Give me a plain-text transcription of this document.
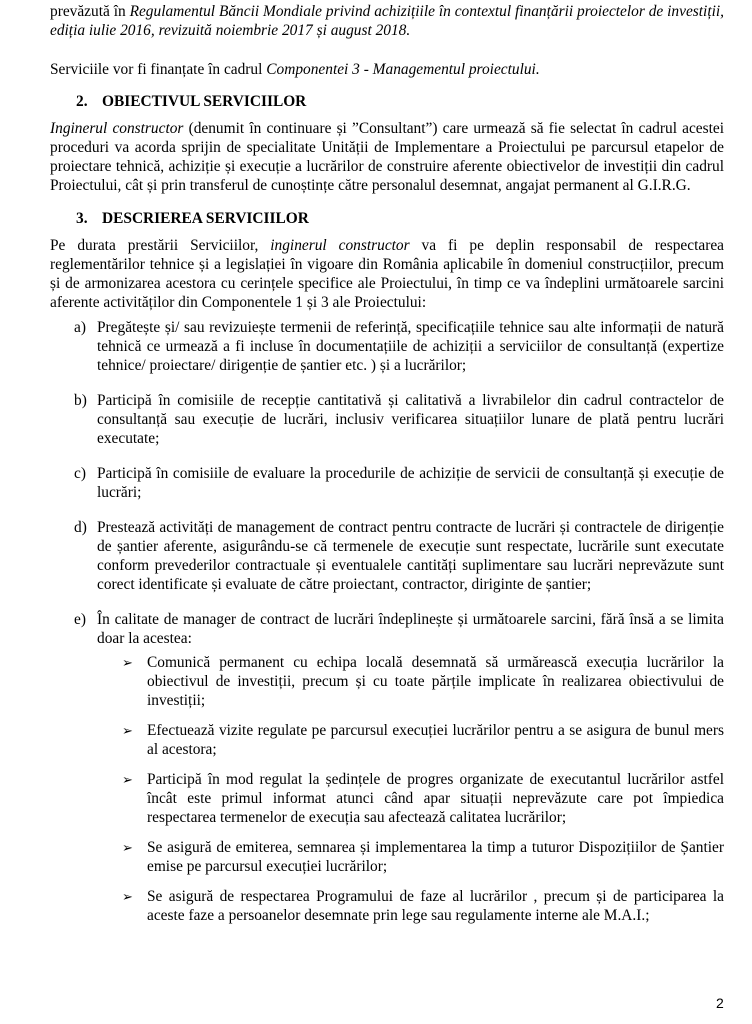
prevăzută în Regulamentul Băncii Mondiale privind achizițiile în contextul finanțării proiectelor de investiții, ediția iulie 2016, revizuită noiembrie 2017 și august 2018.

Serviciile vor fi finanțate în cadrul Componentei 3 - Managementul proiectului.

2. OBIECTIVUL SERVICIILOR

Inginerul constructor (denumit în continuare și ”Consultant”) care urmează să fie selectat în cadrul acestei proceduri va acorda sprijin de specialitate Unității de Implementare a Proiectului pe parcursul etapelor de proiectare tehnică, achiziție și execuție a lucrărilor de construire aferente obiectivelor de investiții din cadrul Proiectului, cât și prin transferul de cunoștințe către personalul desemnat, angajat permanent al G.I.R.G.

3. DESCRIEREA SERVICIILOR

Pe durata prestării Serviciilor, inginerul constructor va fi pe deplin responsabil de respectarea reglementărilor tehnice și a legislației în vigoare din România aplicabile în domeniul construcțiilor, precum și de armonizarea acestora cu cerințele specifice ale Proiectului, în timp ce va îndeplini următoarele sarcini aferente activităților din Componentele 1 și 3 ale Proiectului:

a) Pregătește și/ sau revizuiește termenii de referință, specificațiile tehnice sau alte informații de natură tehnică ce urmează a fi incluse în documentațiile de achiziții a serviciilor de consultanță (expertize tehnice/ proiectare/ dirigenție de șantier etc. ) și a lucrărilor;
b) Participă în comisiile de recepție cantitativă și calitativă a livrabilelor din cadrul contractelor de consultanță sau execuție de lucrări, inclusiv verificarea situațiilor lunare de plată pentru lucrări executate;
c) Participă în comisiile de evaluare la procedurile de achiziție de servicii de consultanță și execuție de lucrări;
d) Prestează activități de management de contract pentru contracte de lucrări și contractele de dirigenție de șantier aferente, asigurându-se că termenele de execuție sunt respectate, lucrările sunt executate conform prevederilor contractuale și eventualele cantități suplimentare sau lucrări neprevăzute sunt corect identificate și evaluate de către proiectant, contractor, diriginte de șantier;
e) În calitate de manager de contract de lucrări îndeplinește și următoarele sarcini, fără însă a se limita doar la acestea:
➢ Comunică permanent cu echipa locală desemnată să urmărească execuția lucrărilor la obiectivul de investiții, precum și cu toate părțile implicate în realizarea obiectivului de investiții;
➢ Efectuează vizite regulate pe parcursul execuției lucrărilor pentru a se asigura de bunul mers al acestora;
➢ Participă în mod regulat la ședințele de progres organizate de executantul lucrărilor astfel încât este primul informat atunci când apar situații neprevăzute care pot împiedica respectarea termenelor de execuția sau afectează calitatea lucrărilor;
➢ Se asigură de emiterea, semnarea și implementarea la timp a tuturor Dispozițiilor de Șantier emise pe parcursul execuției lucrărilor;
➢ Se asigură de respectarea Programului de faze al lucrărilor , precum și de participarea la aceste faze a persoanelor desemnate prin lege sau regulamente interne ale M.A.I.;
2
